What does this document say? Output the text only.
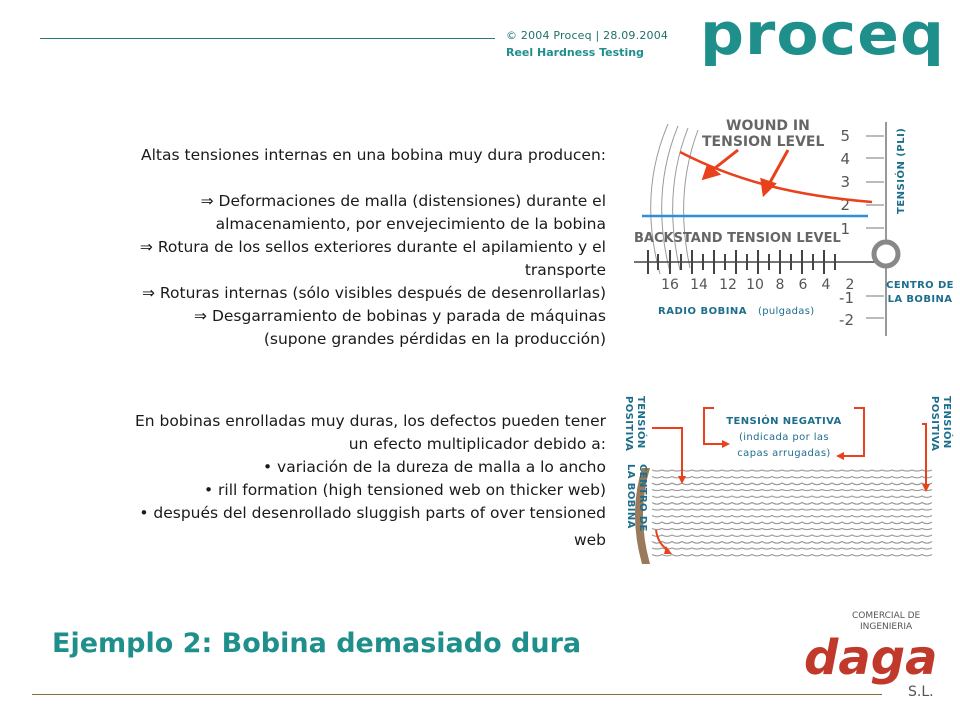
© 2004 Proceq | 28.09.2004
Reel Hardness Testing proceq
Altas tensiones internas en una bobina muy dura producen:
⇒ Deformaciones de malla (distensiones) durante el
almacenamiento, por envejecimiento de la bobina
⇒ Rotura de los sellos exteriores durante el apilamiento y el
transporte
⇒ Roturas internas (sólo visibles después de desenrollarlas)
⇒ Desgarramiento de bobinas y parada de máquinas
(supone grandes pérdidas en la producción)
En bobinas enrolladas muy duras, los defectos pueden tener
un efecto multiplicador debido a:
• variación de la dureza de malla a lo ancho
• rill formation (high tensioned web on thicker web)
• después del desenrollado sluggish parts of over tensioned
web
5
4
3
2
1
-1
-2
16 14 12 10 8 6 4 2
WOUND IN
TENSION LEVEL
BACKSTAND TENSION LEVEL
TENSIÓN (PLI)
CENTRO DE
LA BOBINA
RADIO BOBINA (pulgadas)
TENSIÓN
POSITIVA
CENTRO DE
LA BOBINA
TENSIÓN
POSITIVA
TENSIÓN NEGATIVA
(indicada por las
capas arrugadas)
Ejemplo 2: Bobina demasiado dura
COMERCIAL DE
INGENIERIA
daga
S.L.
